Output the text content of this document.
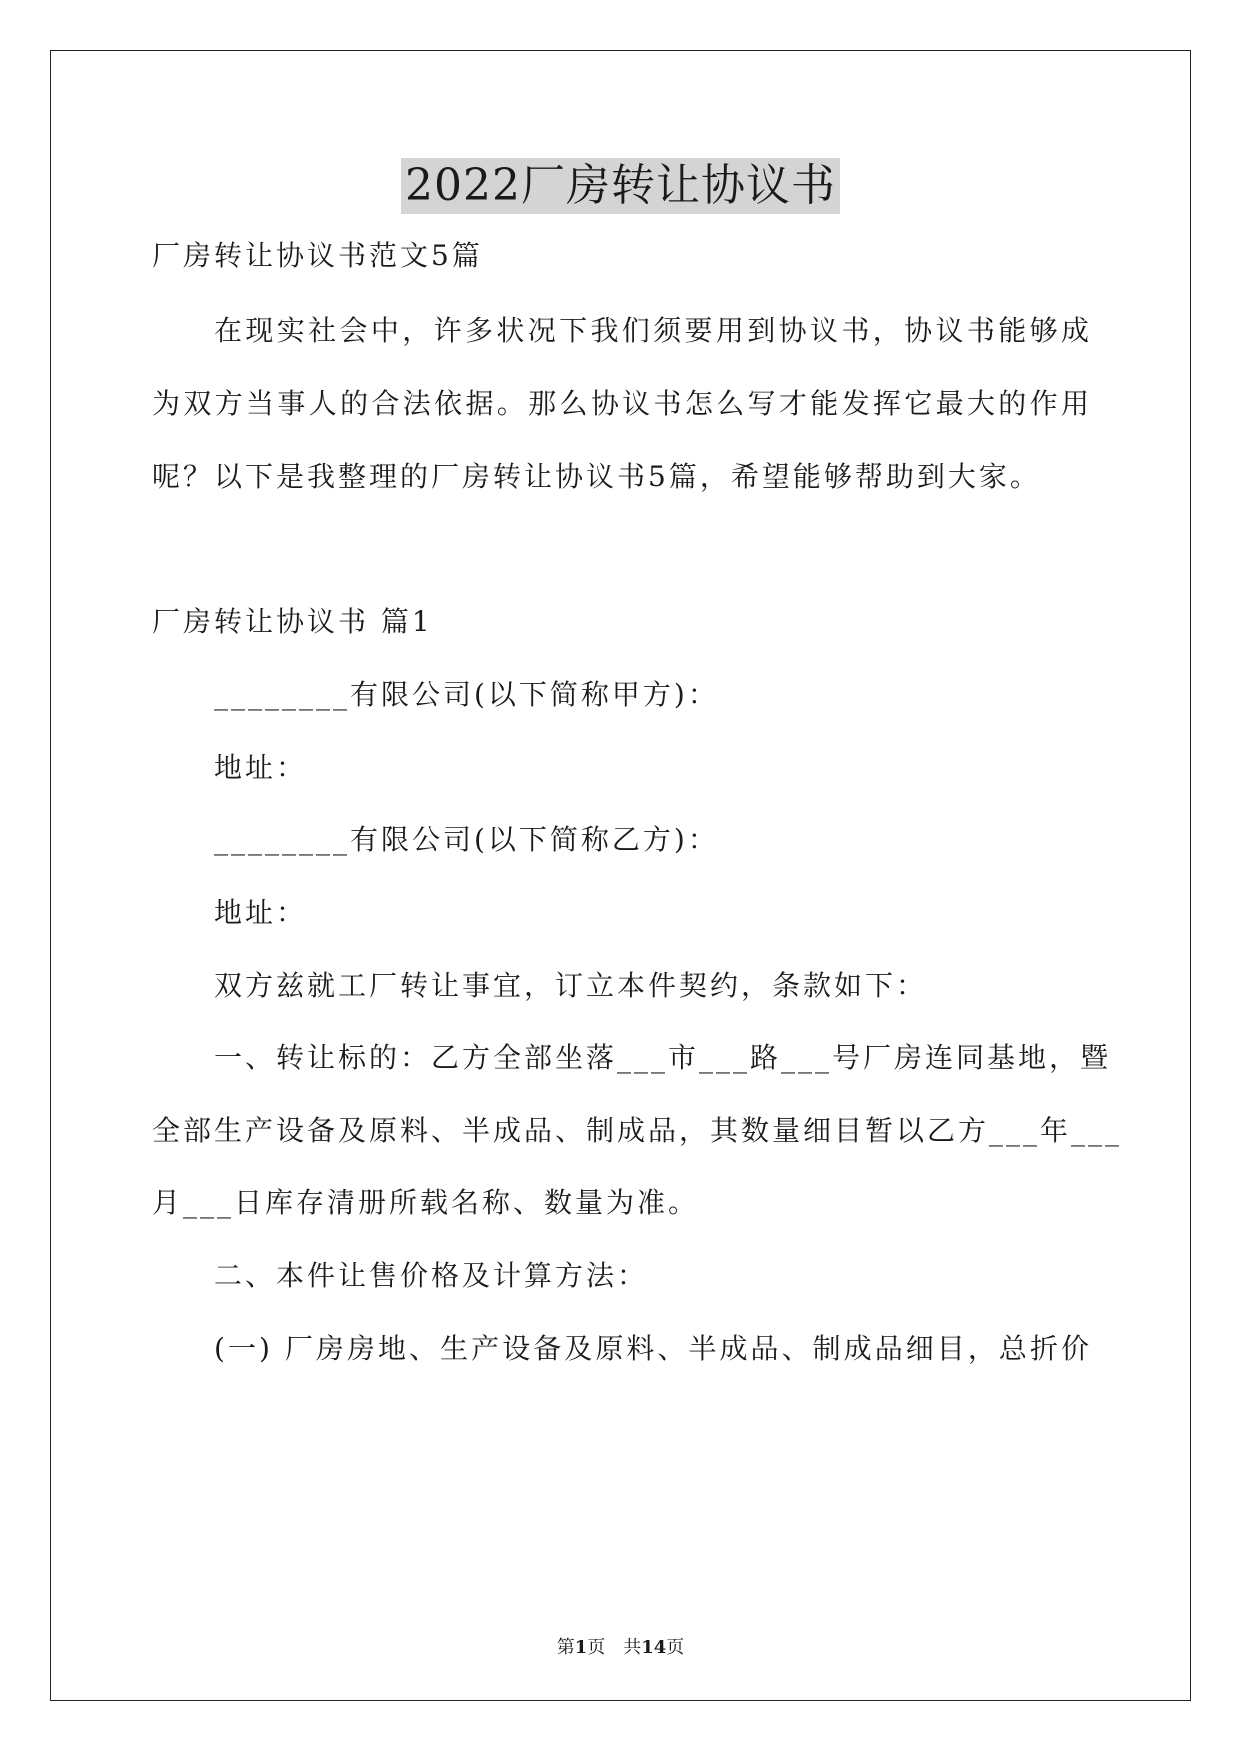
2022厂房转让协议书
厂房转让协议书范文5篇
在现实社会中，许多状况下我们须要用到协议书，协议书能够成
为双方当事人的合法依据。那么协议书怎么写才能发挥它最大的作用
呢？以下是我整理的厂房转让协议书5篇，希望能够帮助到大家。
厂房转让协议书 篇1
________有限公司(以下简称甲方)：
地址：
________有限公司(以下简称乙方)：
地址：
双方兹就工厂转让事宜，订立本件契约，条款如下：
一、转让标的：乙方全部坐落___市___路___号厂房连同基地，暨
全部生产设备及原料、半成品、制成品，其数量细目暂以乙方___年___
月___日库存清册所载名称、数量为准。
二、本件让售价格及计算方法：
(一) 厂房房地、生产设备及原料、半成品、制成品细目，总折价
第1页　共14页
